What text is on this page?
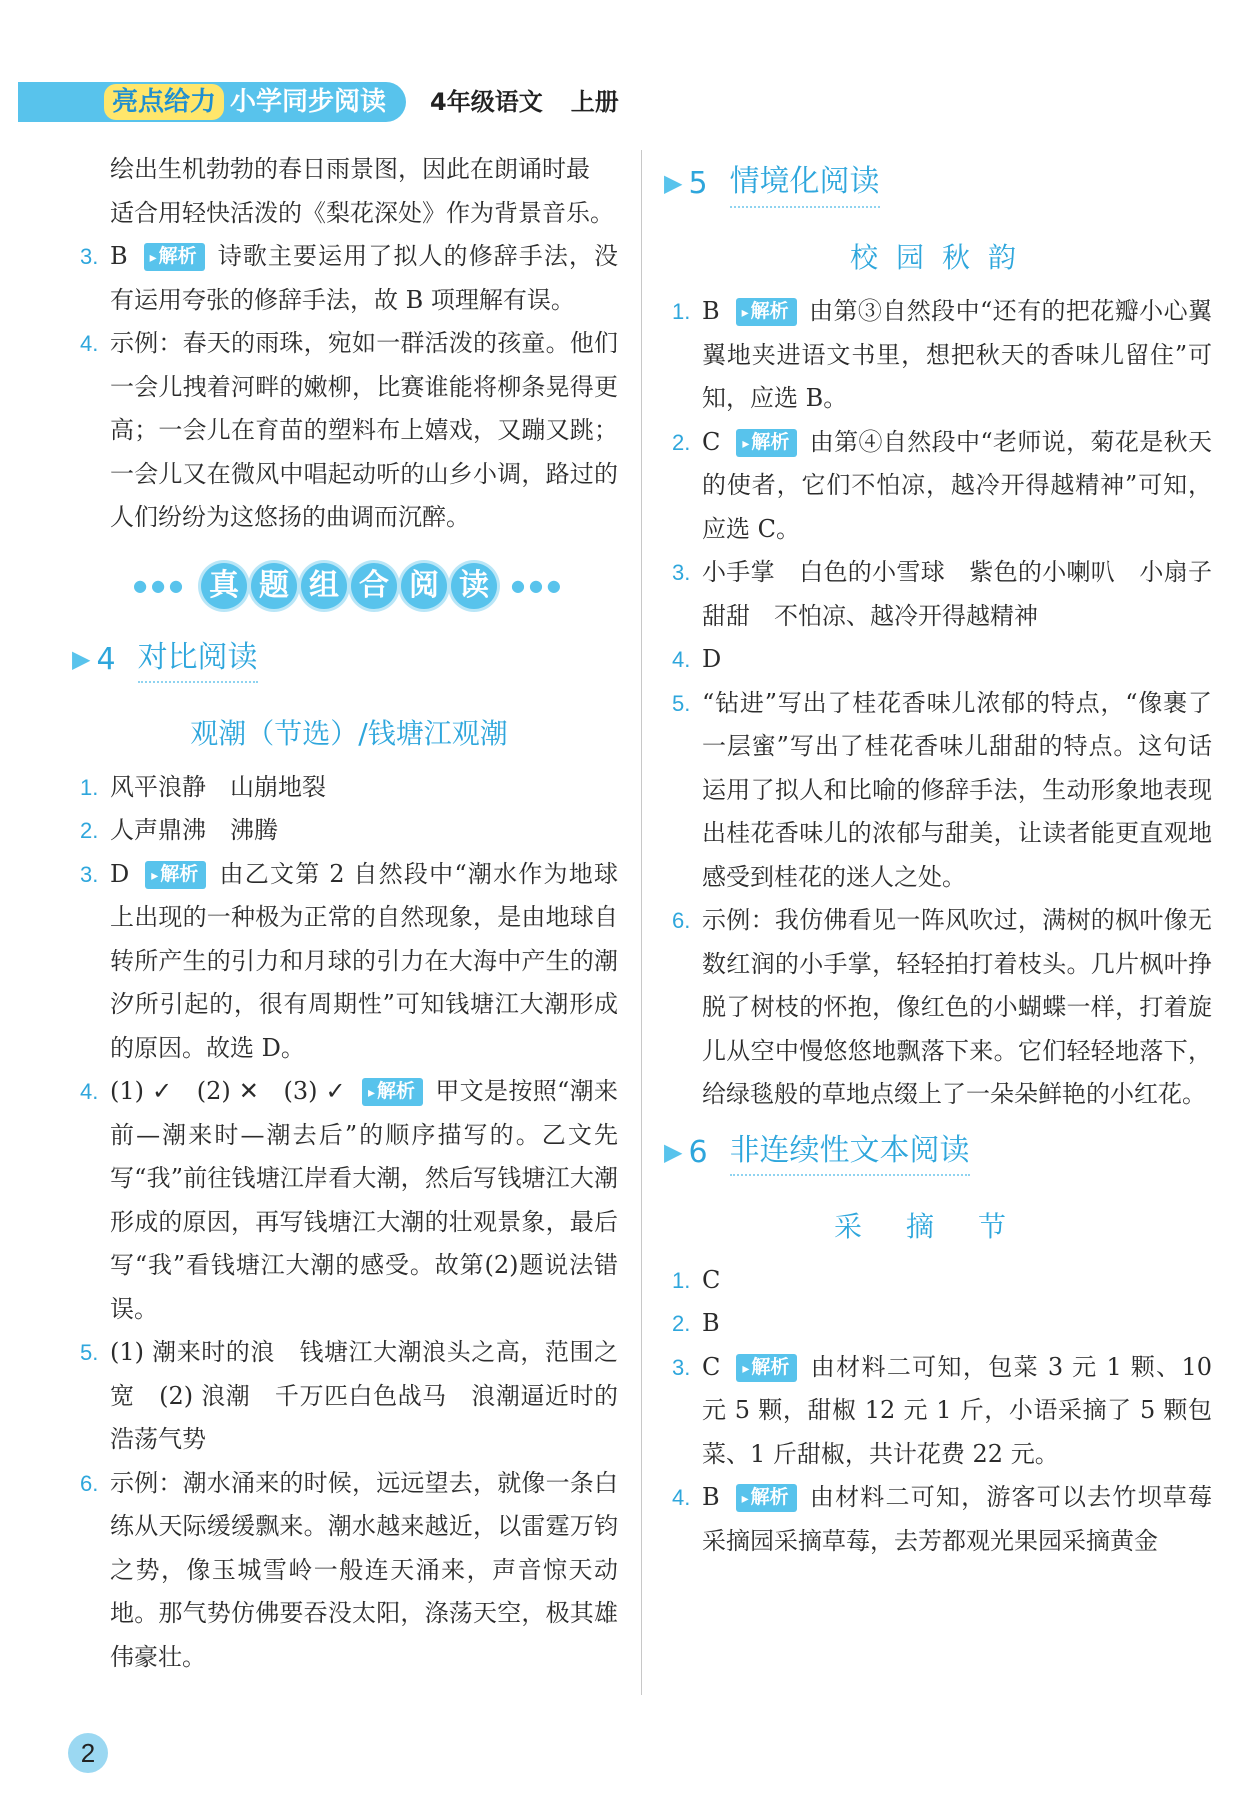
亮点给力 小学同步阅读 4年级语文 上册
绘出生机勃勃的春日雨景图，因此在朗诵时最
适合用轻快活泼的《梨花深处》作为背景音乐。
3. B ▸ 解析 诗歌主要运用了拟人的修辞手法，没有运用夸张的修辞手法，故 B 项理解有误。
4. 示例：春天的雨珠，宛如一群活泼的孩童。他们一会儿拽着河畔的嫩柳，比赛谁能将柳条晃得更高；一会儿在育苗的塑料布上嬉戏，又蹦又跳；一会儿又在微风中唱起动听的山乡小调，路过的人们纷纷为这悠扬的曲调而沉醉。
●●● 真 题 组 合 阅 读	●●●
▶ 4 对比阅读
观潮（节选）/钱塘江观潮
1. 风平浪静　山崩地裂
2. 人声鼎沸　沸腾
3. D ▸ 解析 由乙文第 2 自然段中“潮水作为地球上出现的一种极为正常的自然现象，是由地球自转所产生的引力和月球的引力在大海中产生的潮汐所引起的，很有周期性”可知钱塘江大潮形成的原因。故选 D。
4. (1) ✓　(2) ✕　(3) ✓ ▸ 解析 甲文是按照“潮来前—潮来时—潮去后”的顺序描写的。乙文先写“我”前往钱塘江岸看大潮，然后写钱塘江大潮形成的原因，再写钱塘江大潮的壮观景象，最后写“我”看钱塘江大潮的感受。故第(2)题说法错误。
5. (1) 潮来时的浪　钱塘江大潮浪头之高，范围之宽　(2) 浪潮　千万匹白色战马　浪潮逼近时的浩荡气势
6. 示例：潮水涌来的时候，远远望去，就像一条白练从天际缓缓飘来。潮水越来越近，以雷霆万钧之势，像玉城雪岭一般连天涌来，声音惊天动地。那气势仿佛要吞没太阳，涤荡天空，极其雄伟豪壮。
▶ 5 情境化阅读
校园秋韵
1. B ▸ 解析 由第③自然段中“还有的把花瓣小心翼翼地夹进语文书里，想把秋天的香味儿留住”可知，应选 B。
2. C ▸ 解析 由第④自然段中“老师说，菊花是秋天的使者，它们不怕凉，越冷开得越精神”可知，应选 C。
3. 小手掌　白色的小雪球　紫色的小喇叭　小扇子　甜甜　不怕凉、越冷开得越精神
4. D
5. “钻进”写出了桂花香味儿浓郁的特点，“像裹了一层蜜”写出了桂花香味儿甜甜的特点。这句话运用了拟人和比喻的修辞手法，生动形象地表现出桂花香味儿的浓郁与甜美，让读者能更直观地感受到桂花的迷人之处。
6. 示例：我仿佛看见一阵风吹过，满树的枫叶像无数红润的小手掌，轻轻拍打着枝头。几片枫叶挣脱了树枝的怀抱，像红色的小蝴蝶一样，打着旋儿从空中慢悠悠地飘落下来。它们轻轻地落下，给绿毯般的草地点缀上了一朵朵鲜艳的小红花。
▶ 6 非连续性文本阅读
采摘节
1. C
2. B
3. C ▸ 解析 由材料二可知，包菜 3 元 1 颗、10 元 5 颗，甜椒 12 元 1 斤，小语采摘了 5 颗包菜、1 斤甜椒，共计花费 22 元。
4. B ▸ 解析 由材料二可知，游客可以去竹坝草莓采摘园采摘草莓，去芳都观光果园采摘黄金
2
